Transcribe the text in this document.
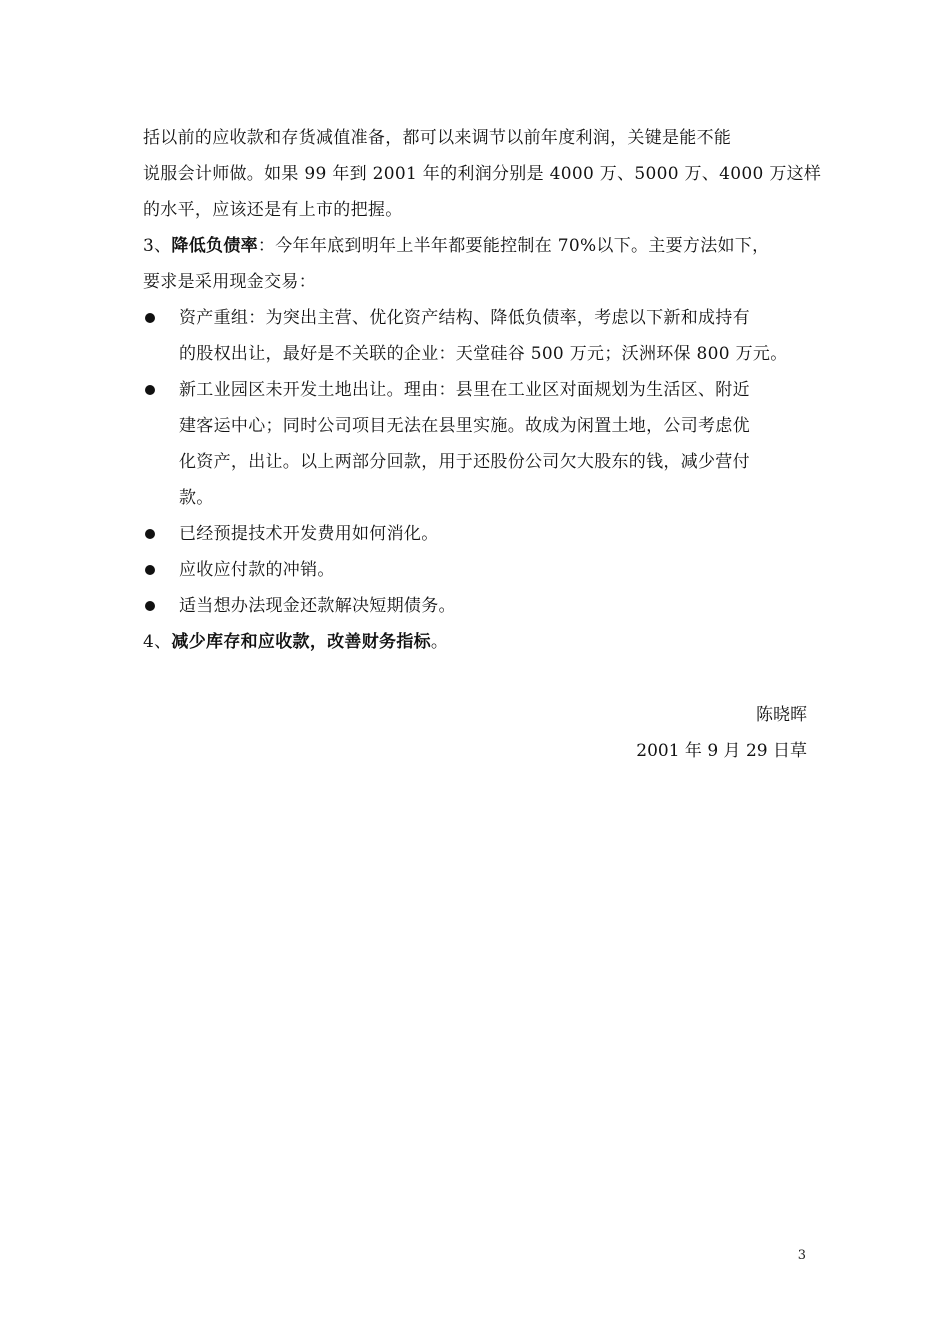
括以前的应收款和存货减值准备，都可以来调节以前年度利润，关键是能不能
说服会计师做。如果 99 年到 2001 年的利润分别是 4000 万、5000 万、4000 万这样
的水平，应该还是有上市的把握。
3、降低负债率：今年年底到明年上半年都要能控制在 70%以下。主要方法如下，
要求是采用现金交易：
资产重组：为突出主营、优化资产结构、降低负债率，考虑以下新和成持有
的股权出让，最好是不关联的企业：天堂硅谷 500 万元；沃洲环保 800 万元。
新工业园区未开发土地出让。理由：县里在工业区对面规划为生活区、附近
建客运中心；同时公司项目无法在县里实施。故成为闲置土地，公司考虑优
化资产，出让。以上两部分回款，用于还股份公司欠大股东的钱，减少营付
款。
已经预提技术开发费用如何消化。
应收应付款的冲销。
适当想办法现金还款解决短期债务。
4、减少库存和应收款，改善财务指标。
陈晓晖
2001 年 9 月 29 日草
3
